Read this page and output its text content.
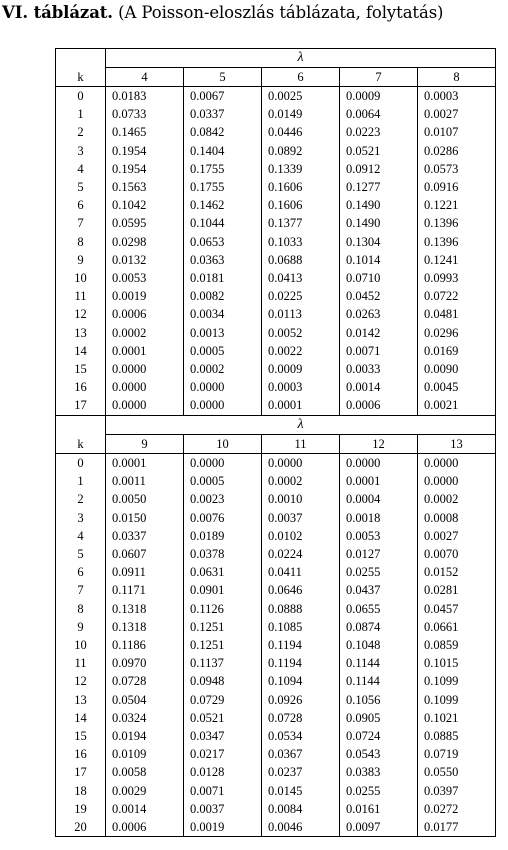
VI. táblázat. (A Poisson-eloszlás táblázata, folytatás)
	λ				
k	4	5	6	7	8
0	0.0183	0.0067	0.0025	0.0009	0.0003
1	0.0733	0.0337	0.0149	0.0064	0.0027
2	0.1465	0.0842	0.0446	0.0223	0.0107
3	0.1954	0.1404	0.0892	0.0521	0.0286
4	0.1954	0.1755	0.1339	0.0912	0.0573
5	0.1563	0.1755	0.1606	0.1277	0.0916
6	0.1042	0.1462	0.1606	0.1490	0.1221
7	0.0595	0.1044	0.1377	0.1490	0.1396
8	0.0298	0.0653	0.1033	0.1304	0.1396
9	0.0132	0.0363	0.0688	0.1014	0.1241
10	0.0053	0.0181	0.0413	0.0710	0.0993
11	0.0019	0.0082	0.0225	0.0452	0.0722
12	0.0006	0.0034	0.0113	0.0263	0.0481
13	0.0002	0.0013	0.0052	0.0142	0.0296
14	0.0001	0.0005	0.0022	0.0071	0.0169
15	0.0000	0.0002	0.0009	0.0033	0.0090
16	0.0000	0.0000	0.0003	0.0014	0.0045
17	0.0000	0.0000	0.0001	0.0006	0.0021
	λ				
k	9	10	11	12	13
0	0.0001	0.0000	0.0000	0.0000	0.0000
1	0.0011	0.0005	0.0002	0.0001	0.0000
2	0.0050	0.0023	0.0010	0.0004	0.0002
3	0.0150	0.0076	0.0037	0.0018	0.0008
4	0.0337	0.0189	0.0102	0.0053	0.0027
5	0.0607	0.0378	0.0224	0.0127	0.0070
6	0.0911	0.0631	0.0411	0.0255	0.0152
7	0.1171	0.0901	0.0646	0.0437	0.0281
8	0.1318	0.1126	0.0888	0.0655	0.0457
9	0.1318	0.1251	0.1085	0.0874	0.0661
10	0.1186	0.1251	0.1194	0.1048	0.0859
11	0.0970	0.1137	0.1194	0.1144	0.1015
12	0.0728	0.0948	0.1094	0.1144	0.1099
13	0.0504	0.0729	0.0926	0.1056	0.1099
14	0.0324	0.0521	0.0728	0.0905	0.1021
15	0.0194	0.0347	0.0534	0.0724	0.0885
16	0.0109	0.0217	0.0367	0.0543	0.0719
17	0.0058	0.0128	0.0237	0.0383	0.0550
18	0.0029	0.0071	0.0145	0.0255	0.0397
19	0.0014	0.0037	0.0084	0.0161	0.0272
20	0.0006	0.0019	0.0046	0.0097	0.0177
